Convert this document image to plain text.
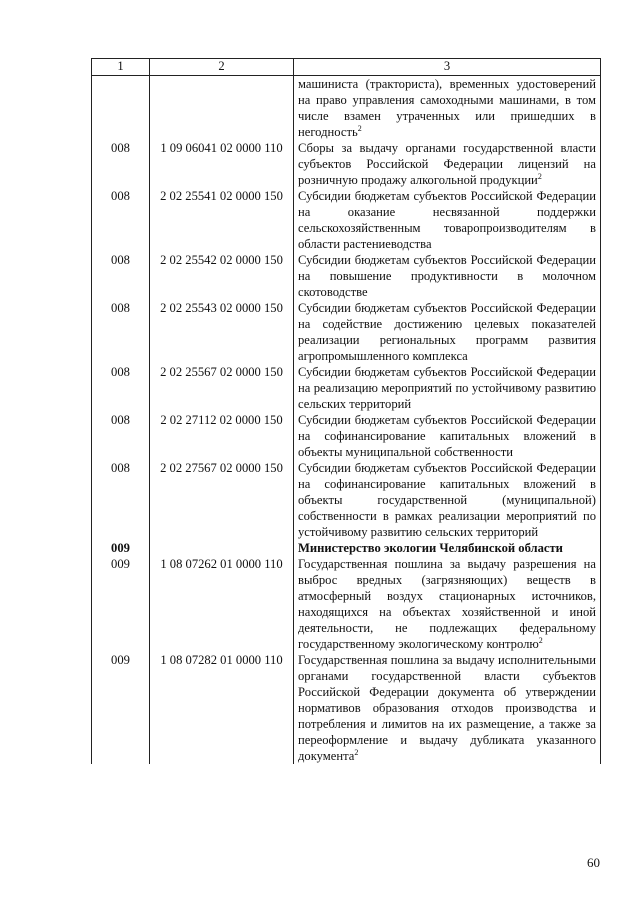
1	2	3
		машиниста (тракториста), временных удостоверений на право управления самоходными машинами, в том числе взамен утраченных или пришедших в негодность$^2$
008	1 09 06041 02 0000 110	Сборы за выдачу органами государственной власти субъектов Российской Федерации лицензий на розничную продажу алкогольной продукции$^2$
008	2 02 25541 02 0000 150	Субсидии бюджетам субъектов Российской Федерации на оказание несвязанной поддержки сельскохозяйственным товаропроизводителям в области растениеводства
008	2 02 25542 02 0000 150	Субсидии бюджетам субъектов Российской Федерации на повышение продуктивности в молочном скотоводстве
008	2 02 25543 02 0000 150	Субсидии бюджетам субъектов Российской Федерации на содействие достижению целевых показателей реализации региональных программ развития агропромышленного комплекса
008	2 02 25567 02 0000 150	Субсидии бюджетам субъектов Российской Федерации на реализацию мероприятий по устойчивому развитию сельских территорий
008	2 02 27112 02 0000 150	Субсидии бюджетам субъектов Российской Федерации на софинансирование капитальных вложений в объекты муниципальной собственности
008	2 02 27567 02 0000 150	Субсидии бюджетам субъектов Российской Федерации на софинансирование капитальных вложений в объекты государственной (муниципальной) собственности в рамках реализации мероприятий по устойчивому развитию сельских территорий
009		Министерство экологии Челябинской области
009	1 08 07262 01 0000 110	Государственная пошлина за выдачу разрешения на выброс вредных (загрязняющих) веществ в атмосферный воздух стационарных источников, находящихся на объектах хозяйственной и иной деятельности, не подлежащих федеральному государственному экологическому контролю$^2$
009	1 08 07282 01 0000 110	Государственная пошлина за выдачу исполнительными органами государственной власти субъектов Российской Федерации документа об утверждении нормативов образования отходов производства и потребления и лимитов на их размещение, а также за переоформление и выдачу дубликата указанного документа$^2$
60
